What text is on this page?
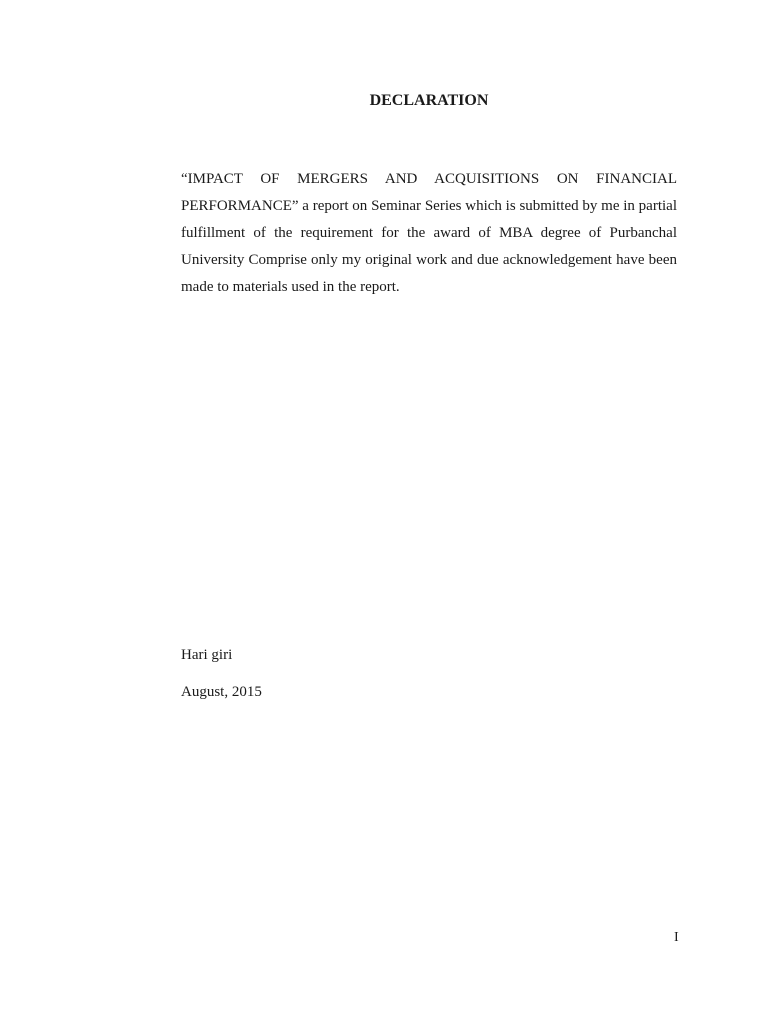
DECLARATION

“IMPACT OF MERGERS AND ACQUISITIONS ON FINANCIAL PERFORMANCE” a report on Seminar Series which is submitted by me in partial fulfillment of the requirement for the award of MBA degree of Purbanchal University Comprise only my original work and due acknowledgement have been made to materials used in the report.

Hari giri

August, 2015

I
